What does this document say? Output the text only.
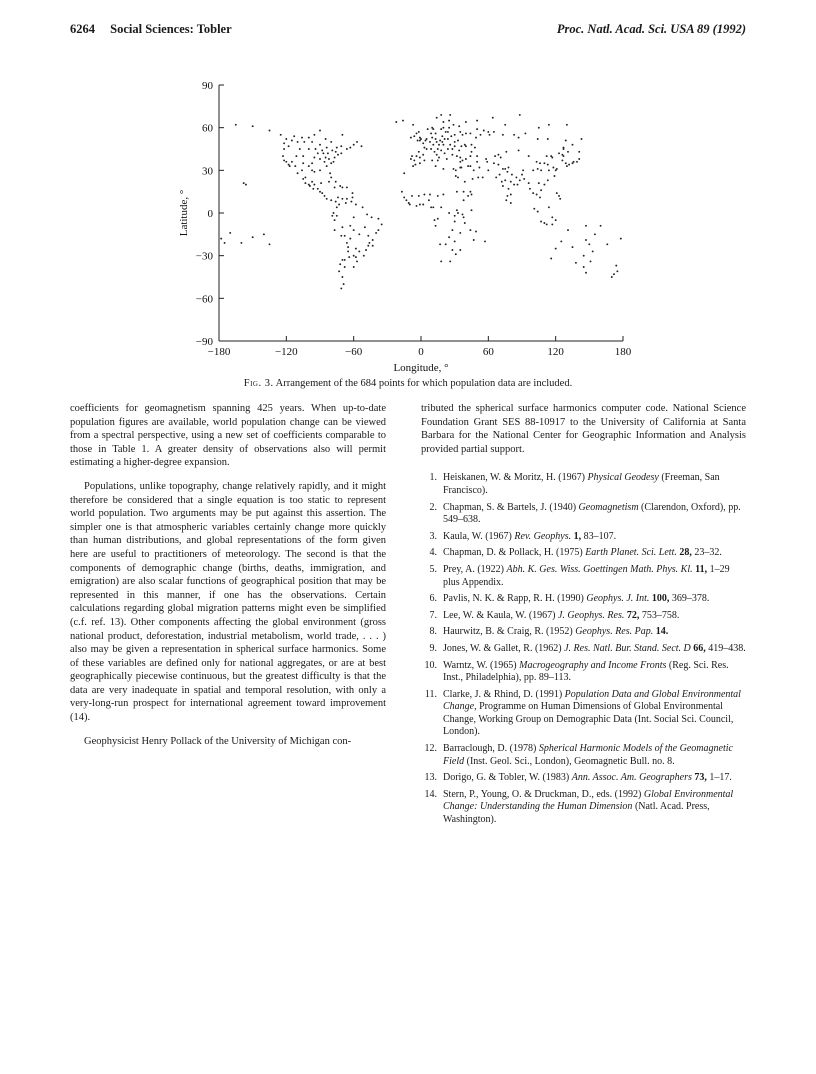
6264 Social Sciences: Tobler	Proc. Natl. Acad. Sci. USA 89 (1992)
−180	−120	−60	0	60	120	180
−90
−60
−30
0
30
60
90
Longitude, °
Latitude, °
Fig. 3. Arrangement of the 684 points for which population data are included.

coefficients for geomagnetism spanning 425 years. When up-to-date population figures are available, world population change can be viewed from a spectral perspective, using a new set of coefficients comparable to those in Table 1. A greater density of observations also will permit estimating a higher-degree expansion.

Populations, unlike topography, change relatively rapidly, and it might therefore be considered that a single equation is too static to represent world population. Two arguments may be put against this assertion. The simpler one is that atmospheric variables certainly change more quickly than human distributions, and global representations of the form given here are useful to practitioners of meteorology. The second is that the components of demographic change (births, deaths, immigration, and emigration) are also scalar functions of geographical position that may be represented in this manner, if one has the observations. Certain calculations regarding global migration patterns might even be simplified (c.f. ref. 13). Other components affecting the global environment (gross national product, deforestation, industrial metabolism, world trade, . . . ) also may be given a representation in spherical surface harmonics. Some of these variables are defined only for national aggregates, or are at best geographically piecewise continuous, but the greatest difficulty is that the data are very inadequate in spatial and temporal resolution, with only a very-long-run prospect for international agreement toward improvement (14).

Geophysicist Henry Pollack of the University of Michigan con-

tributed the spherical surface harmonics computer code. National Science Foundation Grant SES 88-10917 to the University of California at Santa Barbara for the National Center for Geographic Information and Analysis provided partial support.

1. Heiskanen, W. & Moritz, H. (1967) Physical Geodesy (Freeman, San Francisco).
2. Chapman, S. & Bartels, J. (1940) Geomagnetism (Clarendon, Oxford), pp. 549–638.
3. Kaula, W. (1967) Rev. Geophys. 1, 83–107.
4. Chapman, D. & Pollack, H. (1975) Earth Planet. Sci. Lett. 28, 23–32.
5. Prey, A. (1922) Abh. K. Ges. Wiss. Goettingen Math. Phys. Kl. 11, 1–29 plus Appendix.
6. Pavlis, N. K. & Rapp, R. H. (1990) Geophys. J. Int. 100, 369–378.
7. Lee, W. & Kaula, W. (1967) J. Geophys. Res. 72, 753–758.
8. Haurwitz, B. & Craig, R. (1952) Geophys. Res. Pap. 14.
9. Jones, W. & Gallet, R. (1962) J. Res. Natl. Bur. Stand. Sect. D 66, 419–438.
10. Warntz, W. (1965) Macrogeography and Income Fronts (Reg. Sci. Res. Inst., Philadelphia), pp. 89–113.
11. Clarke, J. & Rhind, D. (1991) Population Data and Global Environmental Change, Programme on Human Dimensions of Global Environmental Change, Working Group on Demographic Data (Int. Social Sci. Council, London).
12. Barraclough, D. (1978) Spherical Harmonic Models of the Geomagnetic Field (Inst. Geol. Sci., London), Geomagnetic Bull. no. 8.
13. Dorigo, G. & Tobler, W. (1983) Ann. Assoc. Am. Geographers 73, 1–17.
14. Stern, P., Young, O. & Druckman, D., eds. (1992) Global Environmental Change: Understanding the Human Dimension (Natl. Acad. Press, Washington).
